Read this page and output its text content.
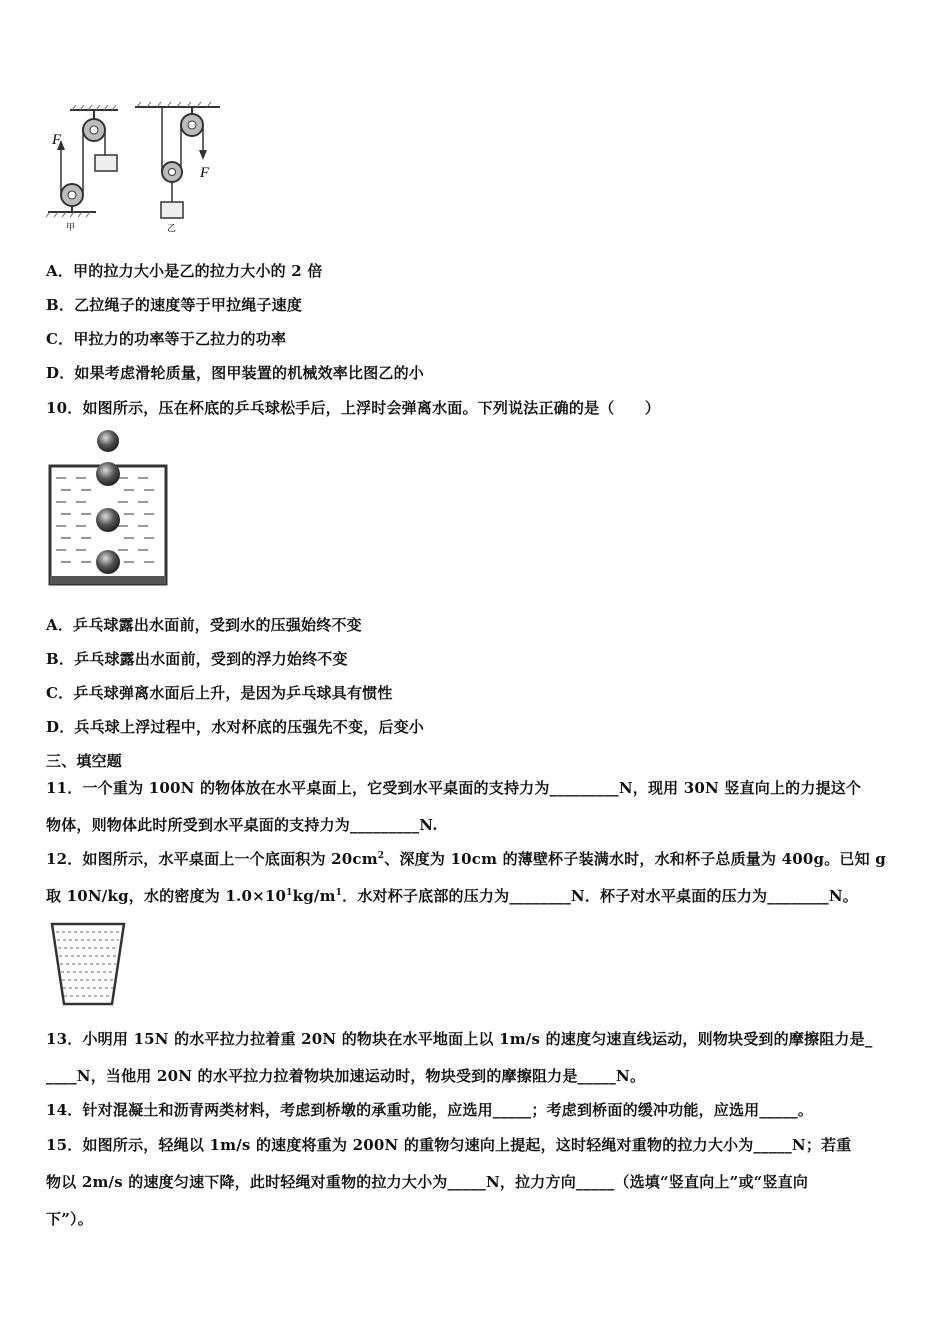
F
甲
F
乙
A．甲的拉力大小是乙的拉力大小的 2 倍
B．乙拉绳子的速度等于甲拉绳子速度
C．甲拉力的功率等于乙拉力的功率
D．如果考虑滑轮质量，图甲装置的机械效率比图乙的小
10．如图所示，压在杯底的乒乓球松手后，上浮时会弹离水面。下列说法正确的是（　　）
A．乒乓球露出水面前，受到水的压强始终不变
B．乒乓球露出水面前，受到的浮力始终不变
C．乒乓球弹离水面后上升，是因为乒乓球具有惯性
D．兵乓球上浮过程中，水对杯底的压强先不变，后变小
三、填空题
11．一个重为 100N 的物体放在水平桌面上，它受到水平桌面的支持力为_________N，现用 30N 竖直向上的力提这个
物体，则物体此时所受到水平桌面的支持力为_________N.
12．如图所示，水平桌面上一个底面积为 $20cm^2$、深度为 10cm 的薄壁杯子装满水时，水和杯子总质量为 400g。已知 g
取 10N/kg，水的密度为 $1.0\times 10^1kg/m^1$．水对杯子底部的压力为________N．杯子对水平桌面的压力为________N。
13．小明用 15N 的水平拉力拉着重 20N 的物块在水平地面上以 1m/s 的速度匀速直线运动，则物块受到的摩擦阻力是_
____N，当他用 20N 的水平拉力拉着物块加速运动时，物块受到的摩擦阻力是_____N。
14．针对混凝土和沥青两类材料，考虑到桥墩的承重功能，应选用_____；考虑到桥面的缓冲功能，应选用_____。
15．如图所示，轻绳以 1m/s 的速度将重为 200N 的重物匀速向上提起，这时轻绳对重物的拉力大小为_____N；若重
物以 2m/s 的速度匀速下降，此时轻绳对重物的拉力大小为_____N，拉力方向_____（选填“竖直向上”或“竖直向
下”）。
